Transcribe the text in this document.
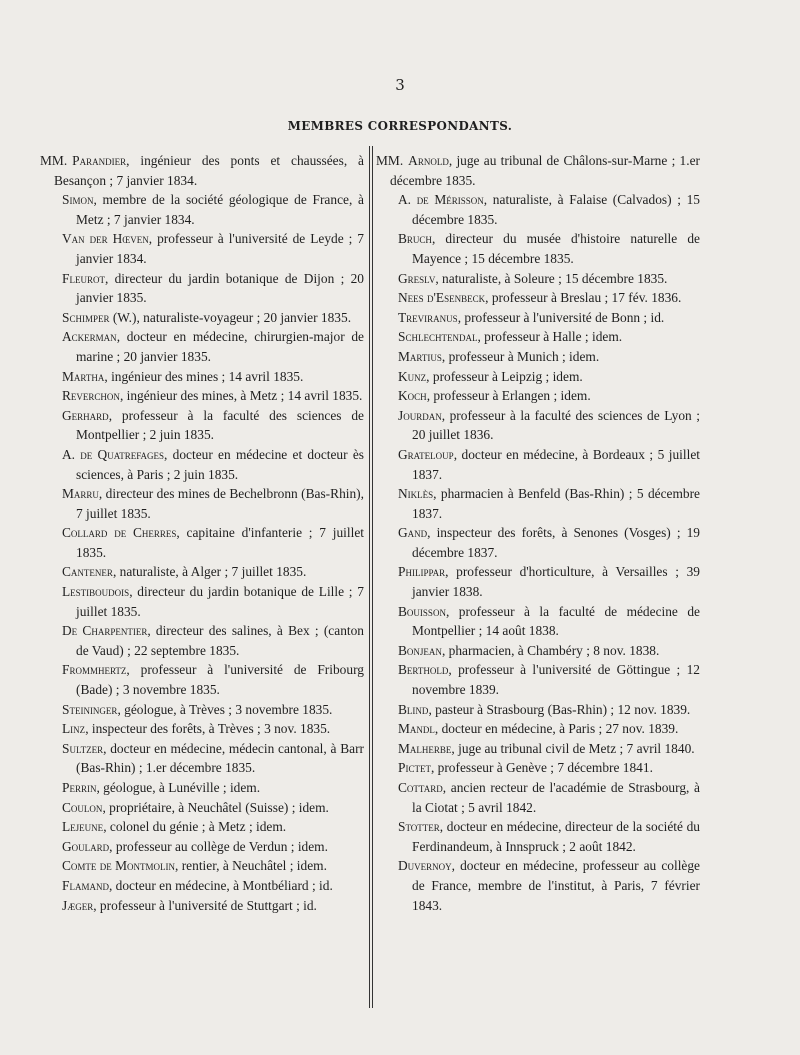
3
MEMBRES CORRESPONDANTS.
MM. Parandier, ingénieur des ponts et chaussées, à Besançon ; 7 janvier 1834.
Simon, membre de la société géologique de France, à Metz ; 7 janvier 1834.
Van der Hœven, professeur à l'université de Leyde ; 7 janvier 1834.
Fleurot, directeur du jardin botanique de Dijon ; 20 janvier 1835.
Schimper (W.), naturaliste-voyageur ; 20 janvier 1835.
Ackerman, docteur en médecine, chirurgien-major de marine ; 20 janvier 1835.
Martha, ingénieur des mines ; 14 avril 1835.
Reverchon, ingénieur des mines, à Metz ; 14 avril 1835.
Gerhard, professeur à la faculté des sciences de Montpellier ; 2 juin 1835.
A. de Quatrefages, docteur en médecine et docteur ès sciences, à Paris ; 2 juin 1835.
Marru, directeur des mines de Bechelbronn (Bas-Rhin), 7 juillet 1835.
Collard de Cherres, capitaine d'infanterie ; 7 juillet 1835.
Cantener, naturaliste, à Alger ; 7 juillet 1835.
Lestiboudois, directeur du jardin botanique de Lille ; 7 juillet 1835.
De Charpentier, directeur des salines, à Bex ; (canton de Vaud) ; 22 septembre 1835.
Frommhertz, professeur à l'université de Fribourg (Bade) ; 3 novembre 1835.
Steininger, géologue, à Trèves ; 3 novembre 1835.
Linz, inspecteur des forêts, à Trèves ; 3 nov. 1835.
Sultzer, docteur en médecine, médecin cantonal, à Barr (Bas-Rhin) ; 1.er décembre 1835.
Perrin, géologue, à Lunéville ; idem.
Coulon, propriétaire, à Neuchâtel (Suisse) ; idem.
Lejeune, colonel du génie ; à Metz ; idem.
Goulard, professeur au collège de Verdun ; idem.
Comte de Montmolin, rentier, à Neuchâtel ; idem.
Flamand, docteur en médecine, à Montbéliard ; id.
Jæger, professeur à l'université de Stuttgart ; id.
MM. Arnold, juge au tribunal de Châlons-sur-Marne ; 1.er décembre 1835.
A. de Mérisson, naturaliste, à Falaise (Calvados) ; 15 décembre 1835.
Bruch, directeur du musée d'histoire naturelle de Mayence ; 15 décembre 1835.
Greslv, naturaliste, à Soleure ; 15 décembre 1835.
Nees d'Esenbeck, professeur à Breslau ; 17 fév. 1836.
Treviranus, professeur à l'université de Bonn ; id.
Schlechtendal, professeur à Halle ; idem.
Martius, professeur à Munich ; idem.
Kunz, professeur à Leipzig ; idem.
Koch, professeur à Erlangen ; idem.
Jourdan, professeur à la faculté des sciences de Lyon ; 20 juillet 1836.
Grateloup, docteur en médecine, à Bordeaux ; 5 juillet 1837.
Niklès, pharmacien à Benfeld (Bas-Rhin) ; 5 décembre 1837.
Gand, inspecteur des forêts, à Senones (Vosges) ; 19 décembre 1837.
Philippar, professeur d'horticulture, à Versailles ; 39 janvier 1838.
Bouisson, professeur à la faculté de médecine de Montpellier ; 14 août 1838.
Bonjean, pharmacien, à Chambéry ; 8 nov. 1838.
Berthold, professeur à l'université de Göttingue ; 12 novembre 1839.
Blind, pasteur à Strasbourg (Bas-Rhin) ; 12 nov. 1839.
Mandl, docteur en médecine, à Paris ; 27 nov. 1839.
Malherbe, juge au tribunal civil de Metz ; 7 avril 1840.
Pictet, professeur à Genève ; 7 décembre 1841.
Cottard, ancien recteur de l'académie de Strasbourg, à la Ciotat ; 5 avril 1842.
Stotter, docteur en médecine, directeur de la société du Ferdinandeum, à Innspruck ; 2 août 1842.
Duvernoy, docteur en médecine, professeur au collège de France, membre de l'institut, à Paris, 7 février 1843.
